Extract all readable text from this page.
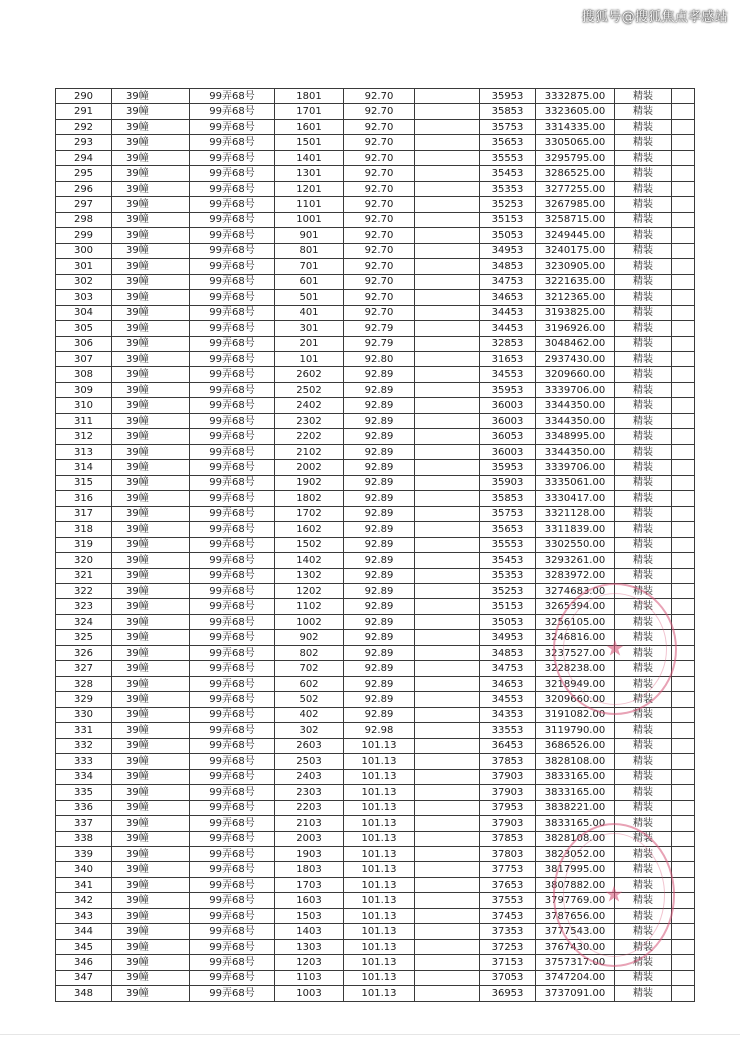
搜狐号@搜狐焦点孝感站
290	39幢	99弄68号	1801	92.70		35953	3332875.00	精装	
291	39幢	99弄68号	1701	92.70		35853	3323605.00	精装	
292	39幢	99弄68号	1601	92.70		35753	3314335.00	精装	
293	39幢	99弄68号	1501	92.70		35653	3305065.00	精装	
294	39幢	99弄68号	1401	92.70		35553	3295795.00	精装	
295	39幢	99弄68号	1301	92.70		35453	3286525.00	精装	
296	39幢	99弄68号	1201	92.70		35353	3277255.00	精装	
297	39幢	99弄68号	1101	92.70		35253	3267985.00	精装	
298	39幢	99弄68号	1001	92.70		35153	3258715.00	精装	
299	39幢	99弄68号	901	92.70		35053	3249445.00	精装	
300	39幢	99弄68号	801	92.70		34953	3240175.00	精装	
301	39幢	99弄68号	701	92.70		34853	3230905.00	精装	
302	39幢	99弄68号	601	92.70		34753	3221635.00	精装	
303	39幢	99弄68号	501	92.70		34653	3212365.00	精装	
304	39幢	99弄68号	401	92.70		34453	3193825.00	精装	
305	39幢	99弄68号	301	92.79		34453	3196926.00	精装	
306	39幢	99弄68号	201	92.79		32853	3048462.00	精装	
307	39幢	99弄68号	101	92.80		31653	2937430.00	精装	
308	39幢	99弄68号	2602	92.89		34553	3209660.00	精装	
309	39幢	99弄68号	2502	92.89		35953	3339706.00	精装	
310	39幢	99弄68号	2402	92.89		36003	3344350.00	精装	
311	39幢	99弄68号	2302	92.89		36003	3344350.00	精装	
312	39幢	99弄68号	2202	92.89		36053	3348995.00	精装	
313	39幢	99弄68号	2102	92.89		36003	3344350.00	精装	
314	39幢	99弄68号	2002	92.89		35953	3339706.00	精装	
315	39幢	99弄68号	1902	92.89		35903	3335061.00	精装	
316	39幢	99弄68号	1802	92.89		35853	3330417.00	精装	
317	39幢	99弄68号	1702	92.89		35753	3321128.00	精装	
318	39幢	99弄68号	1602	92.89		35653	3311839.00	精装	
319	39幢	99弄68号	1502	92.89		35553	3302550.00	精装	
320	39幢	99弄68号	1402	92.89		35453	3293261.00	精装	
321	39幢	99弄68号	1302	92.89		35353	3283972.00	精装	
322	39幢	99弄68号	1202	92.89		35253	3274683.00	精装	
323	39幢	99弄68号	1102	92.89		35153	3265394.00	精装	
324	39幢	99弄68号	1002	92.89		35053	3256105.00	精装	
325	39幢	99弄68号	902	92.89		34953	3246816.00	精装	
326	39幢	99弄68号	802	92.89		34853	3237527.00	精装	
327	39幢	99弄68号	702	92.89		34753	3228238.00	精装	
328	39幢	99弄68号	602	92.89		34653	3218949.00	精装	
329	39幢	99弄68号	502	92.89		34553	3209660.00	精装	
330	39幢	99弄68号	402	92.89		34353	3191082.00	精装	
331	39幢	99弄68号	302	92.98		33553	3119790.00	精装	
332	39幢	99弄68号	2603	101.13		36453	3686526.00	精装	
333	39幢	99弄68号	2503	101.13		37853	3828108.00	精装	
334	39幢	99弄68号	2403	101.13		37903	3833165.00	精装	
335	39幢	99弄68号	2303	101.13		37903	3833165.00	精装	
336	39幢	99弄68号	2203	101.13		37953	3838221.00	精装	
337	39幢	99弄68号	2103	101.13		37903	3833165.00	精装	
338	39幢	99弄68号	2003	101.13		37853	3828108.00	精装	
339	39幢	99弄68号	1903	101.13		37803	3823052.00	精装	
340	39幢	99弄68号	1803	101.13		37753	3817995.00	精装	
341	39幢	99弄68号	1703	101.13		37653	3807882.00	精装	
342	39幢	99弄68号	1603	101.13		37553	3797769.00	精装	
343	39幢	99弄68号	1503	101.13		37453	3787656.00	精装	
344	39幢	99弄68号	1403	101.13		37353	3777543.00	精装	
345	39幢	99弄68号	1303	101.13		37253	3767430.00	精装	
346	39幢	99弄68号	1203	101.13		37153	3757317.00	精装	
347	39幢	99弄68号	1103	101.13		37053	3747204.00	精装	
348	39幢	99弄68号	1003	101.13		36953	3737091.00	精装	
★
★
